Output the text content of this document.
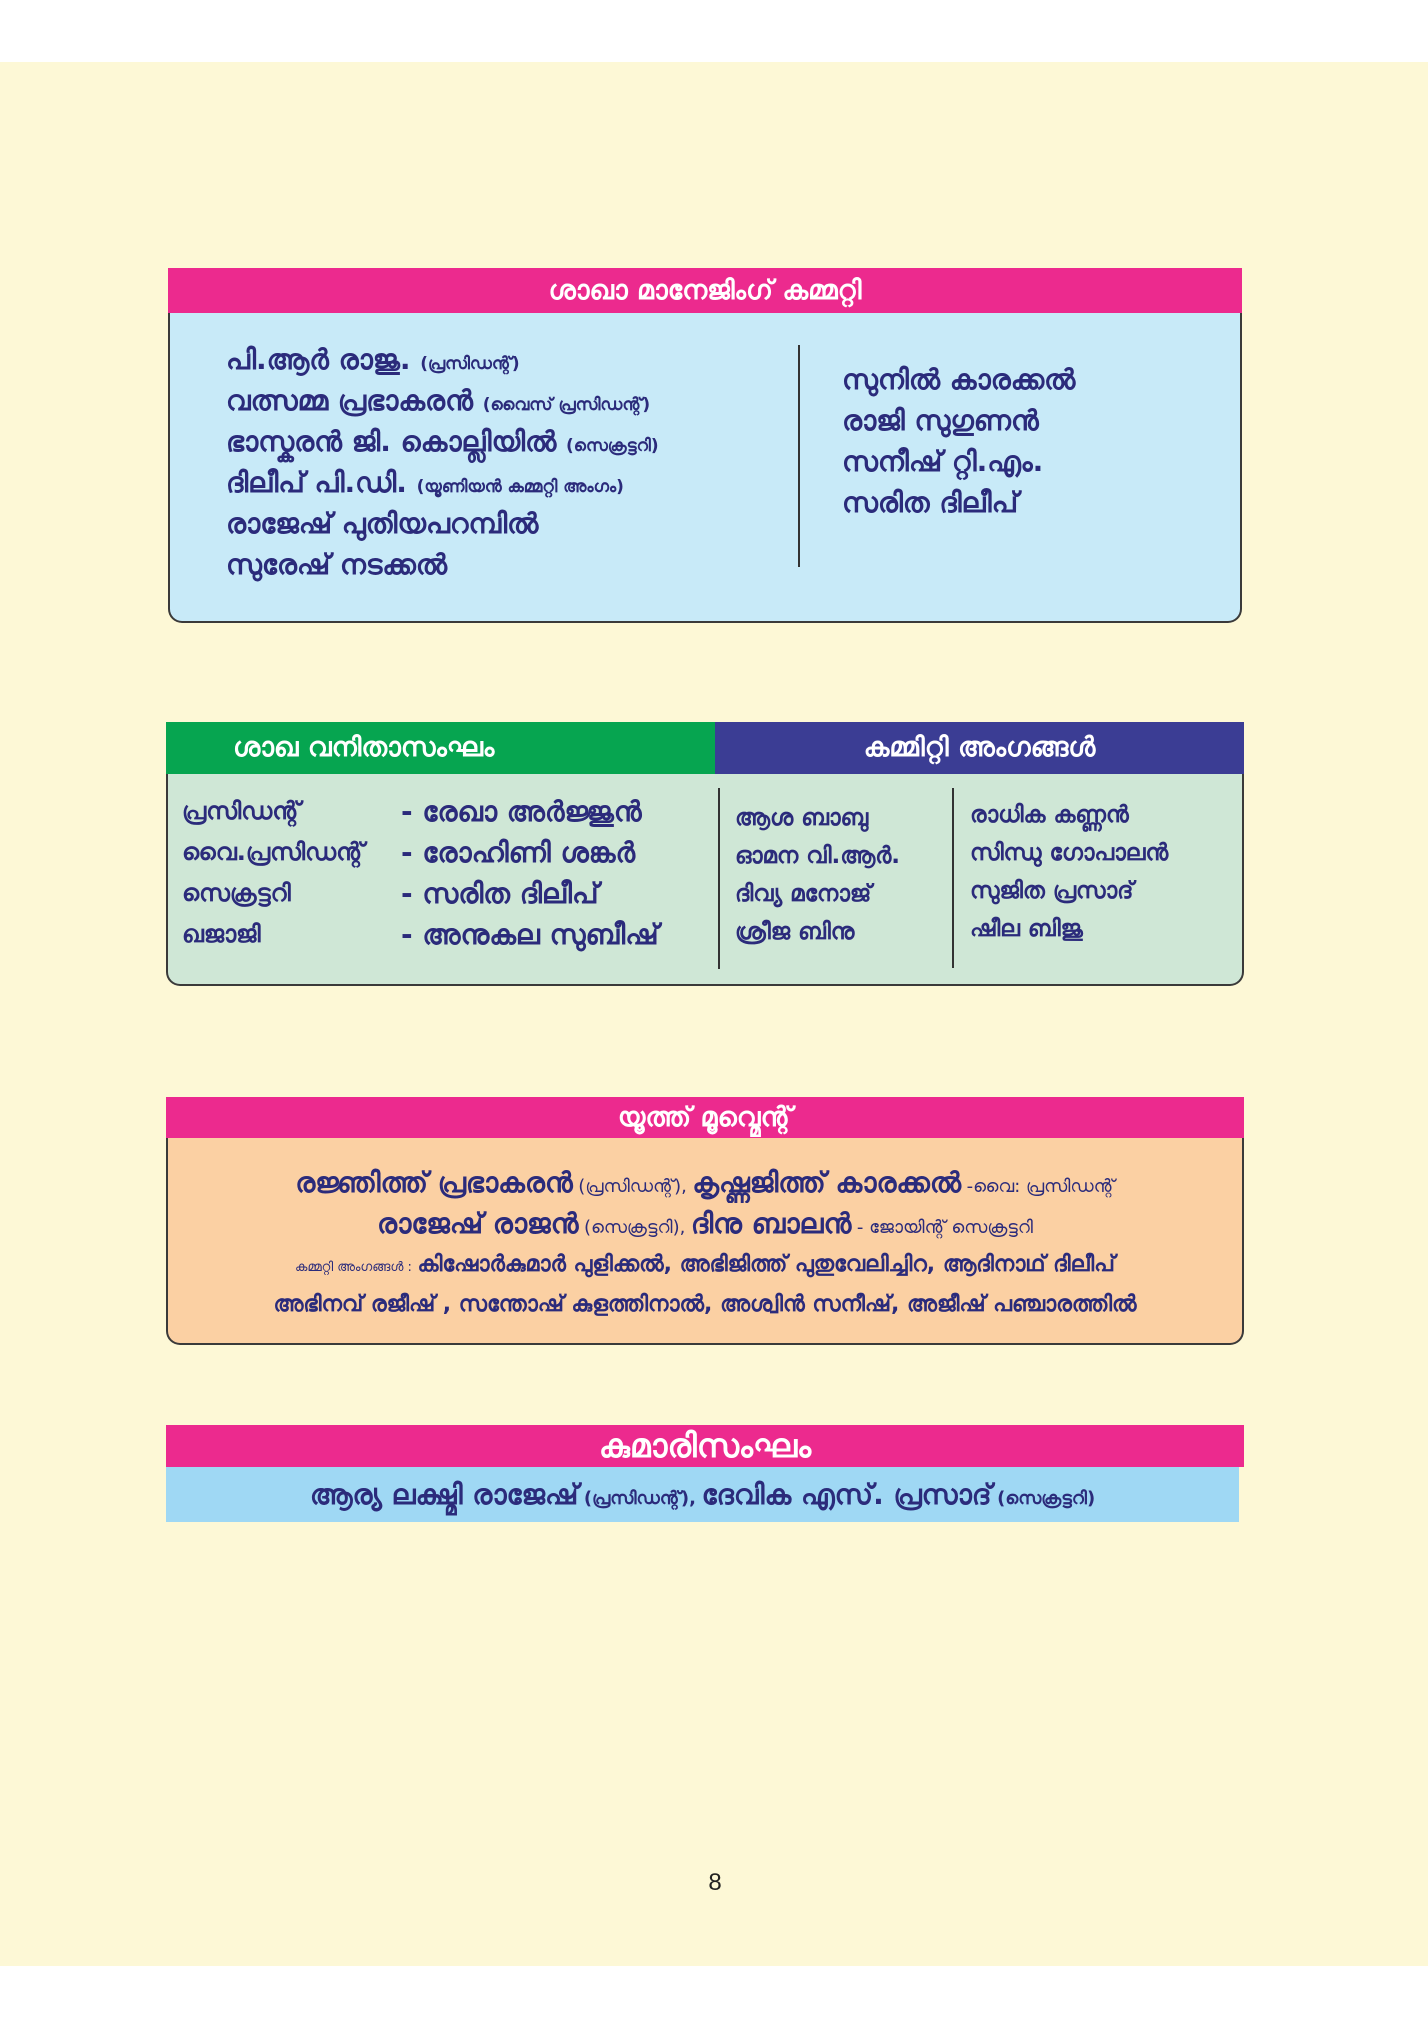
ശാഖാ മാനേജിംഗ് കമ്മറ്റി
പി.ആർ രാജു. (പ്രസിഡന്റ്)
വത്സമ്മ പ്രഭാകരൻ (വൈസ് പ്രസിഡന്റ്)
ഭാസ്കരൻ ജി. കൊല്ലിയിൽ (സെക്രട്ടറി)
ദിലീപ് പി.ഡി. (യൂണിയൻ കമ്മറ്റി അംഗം)
രാജേഷ് പുതിയപറമ്പിൽ
സുരേഷ് നടക്കൽ
സുനിൽ കാരക്കൽ
രാജി സുഗുണൻ
സനീഷ് റ്റി.എം.
സരിത ദിലീപ്
ശാഖ വനിതാസംഘം	കമ്മിറ്റി അംഗങ്ങൾ
പ്രസിഡന്റ്
വൈ.പ്രസിഡന്റ്
സെക്രട്ടറി
ഖജാജി
- രേഖാ അർജ്ജുൻ
- രോഹിണി ശങ്കർ
- സരിത ദിലീപ്
- അനുകല സുബീഷ്
ആശ ബാബു
ഓമന വി.ആർ.
ദിവ്യ മനോജ്
ശ്രീജ ബിനു
രാധിക കണ്ണൻ
സിന്ധു ഗോപാലൻ
സുജിത പ്രസാദ്
ഷീല ബിജു
യൂത്ത് മൂവ്മെന്റ്
രജ്ഞിത്ത് പ്രഭാകരൻ (പ്രസിഡന്റ്), കൃഷ്ണജിത്ത് കാരക്കൽ -വൈ: പ്രസിഡന്റ്
രാജേഷ് രാജൻ (സെക്രട്ടറി), ദിനു ബാലൻ - ജോയിന്റ് സെക്രട്ടറി
കമ്മറ്റി അംഗങ്ങൾ : കിഷോർകുമാർ പുളിക്കൽ, അഭിജിത്ത് പുതുവേലിച്ചിറ, ആദിനാഥ് ദിലീപ്
അഭിനവ് രജീഷ് , സന്തോഷ് കുളത്തിനാൽ, അശ്വിൻ സനീഷ്, അജീഷ് പഞ്ചാരത്തിൽ
കുമാരിസംഘം
ആര്യ ലക്ഷ്മി രാജേഷ് (പ്രസിഡന്റ്), ദേവിക എസ്. പ്രസാദ് (സെക്രട്ടറി)
8
